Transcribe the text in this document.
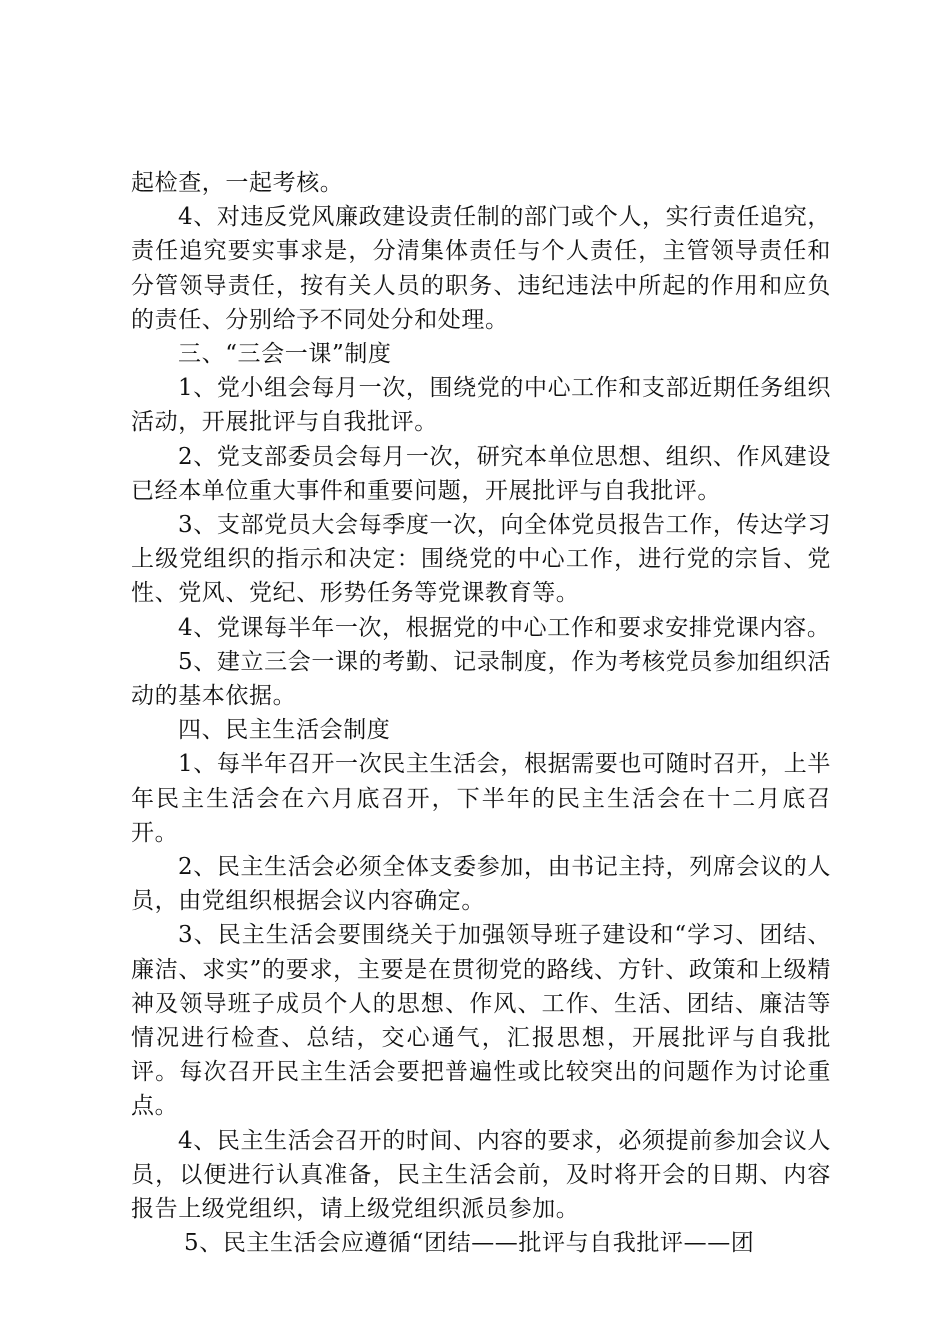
起检查，一起考核。

4、对违反党风廉政建设责任制的部门或个人，实行责任追究，责任追究要实事求是，分清集体责任与个人责任，主管领导责任和分管领导责任，按有关人员的职务、违纪违法中所起的作用和应负的责任、分别给予不同处分和处理。

三、“三会一课”制度

1、党小组会每月一次，围绕党的中心工作和支部近期任务组织活动，开展批评与自我批评。

2、党支部委员会每月一次，研究本单位思想、组织、作风建设已经本单位重大事件和重要问题，开展批评与自我批评。

3、支部党员大会每季度一次，向全体党员报告工作，传达学习上级党组织的指示和决定：围绕党的中心工作，进行党的宗旨、党性、党风、党纪、形势任务等党课教育等。

4、党课每半年一次，根据党的中心工作和要求安排党课内容。

5、建立三会一课的考勤、记录制度，作为考核党员参加组织活动的基本依据。

四、民主生活会制度

1、每半年召开一次民主生活会，根据需要也可随时召开，上半年民主生活会在六月底召开，下半年的民主生活会在十二月底召开。

2、民主生活会必须全体支委参加，由书记主持，列席会议的人员，由党组织根据会议内容确定。

3、民主生活会要围绕关于加强领导班子建设和“学习、团结、廉洁、求实”的要求，主要是在贯彻党的路线、方针、政策和上级精神及领导班子成员个人的思想、作风、工作、生活、团结、廉洁等情况进行检查、总结，交心通气，汇报思想，开展批评与自我批评。每次召开民主生活会要把普遍性或比较突出的问题作为讨论重点。

4、民主生活会召开的时间、内容的要求，必须提前参加会议人员，以便进行认真准备，民主生活会前，及时将开会的日期、内容报告上级党组织，请上级党组织派员参加。

5、民主生活会应遵循“团结——批评与自我批评——团
